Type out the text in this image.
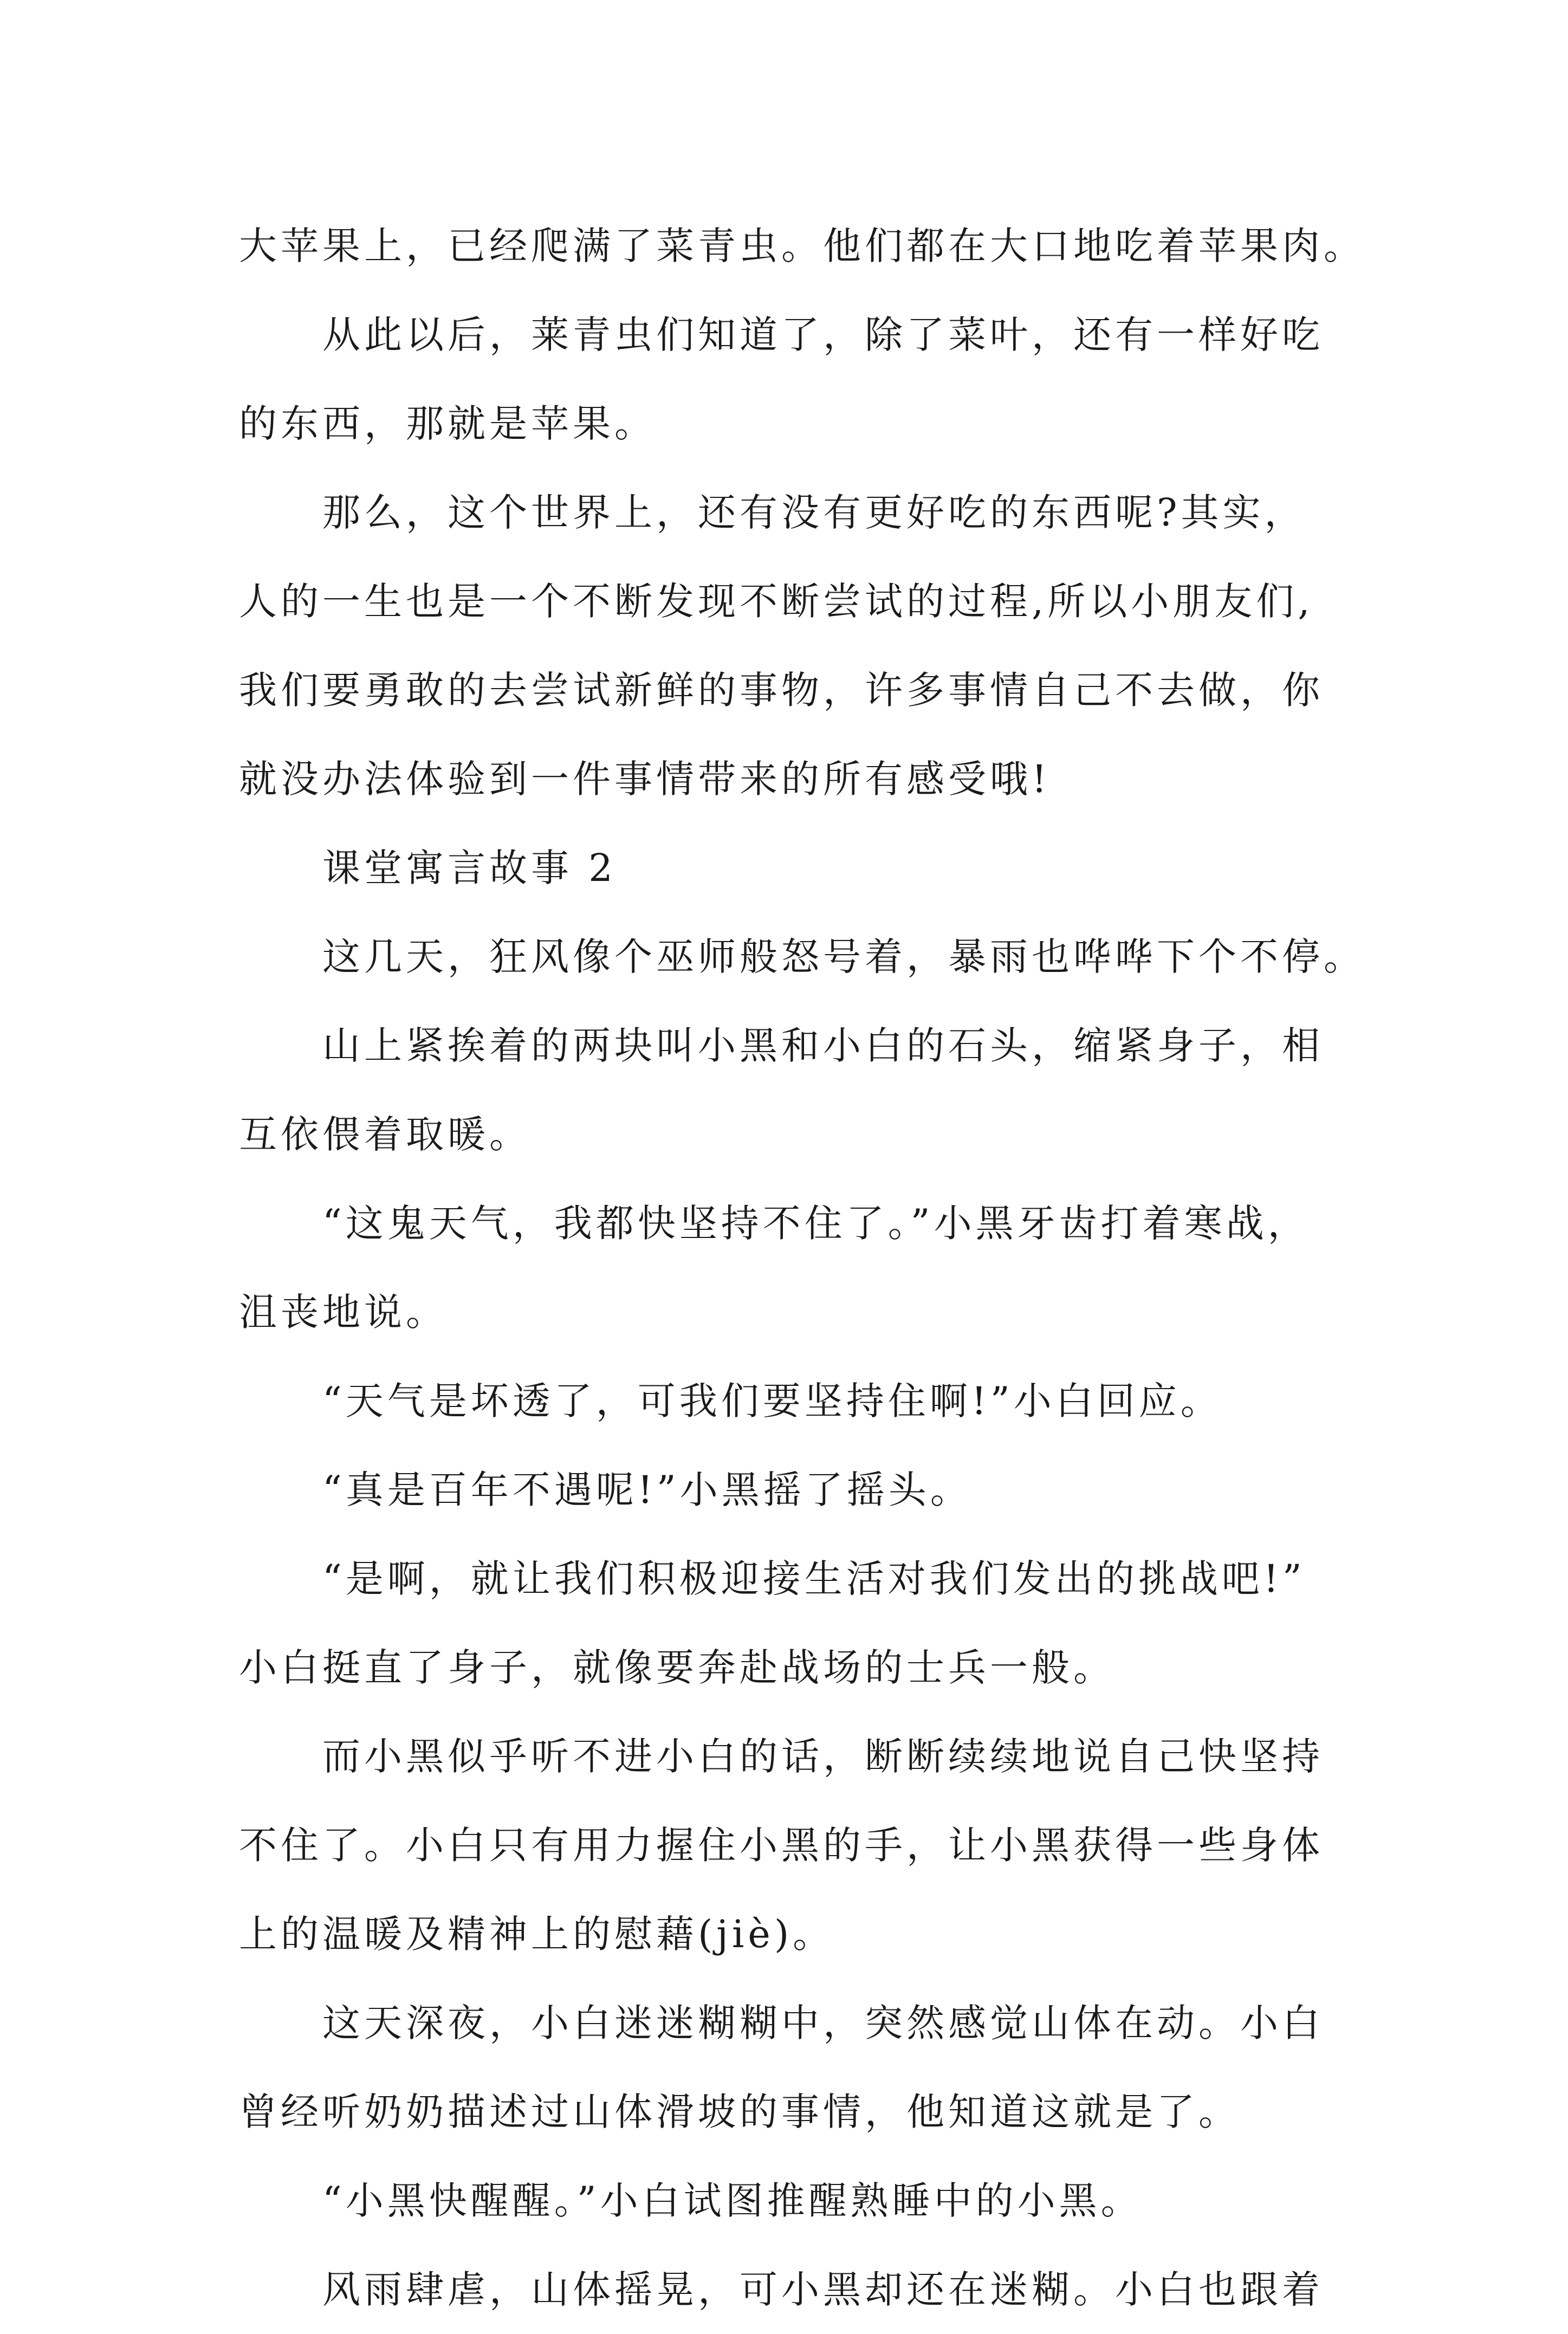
大苹果上，已经爬满了菜青虫。他们都在大口地吃着苹果肉。
从此以后，莱青虫们知道了，除了菜叶，还有一样好吃
的东西，那就是苹果。
那么，这个世界上，还有没有更好吃的东西呢?其实，
人的一生也是一个不断发现不断尝试的过程,所以小朋友们,
我们要勇敢的去尝试新鲜的事物，许多事情自己不去做，你
就没办法体验到一件事情带来的所有感受哦!
课堂寓言故事 2
这几天，狂风像个巫师般怒号着，暴雨也哗哗下个不停。
山上紧挨着的两块叫小黑和小白的石头，缩紧身子，相
互依偎着取暖。
“这鬼天气，我都快坚持不住了。”小黑牙齿打着寒战，
沮丧地说。
“天气是坏透了，可我们要坚持住啊!”小白回应。
“真是百年不遇呢!”小黑摇了摇头。
“是啊，就让我们积极迎接生活对我们发出的挑战吧!”
小白挺直了身子，就像要奔赴战场的士兵一般。
而小黑似乎听不进小白的话，断断续续地说自己快坚持
不住了。小白只有用力握住小黑的手，让小黑获得一些身体
上的温暖及精神上的慰藉(jiè)。
这天深夜，小白迷迷糊糊中，突然感觉山体在动。小白
曾经听奶奶描述过山体滑坡的事情，他知道这就是了。
“小黑快醒醒。”小白试图推醒熟睡中的小黑。
风雨肆虐，山体摇晃，可小黑却还在迷糊。小白也跟着
